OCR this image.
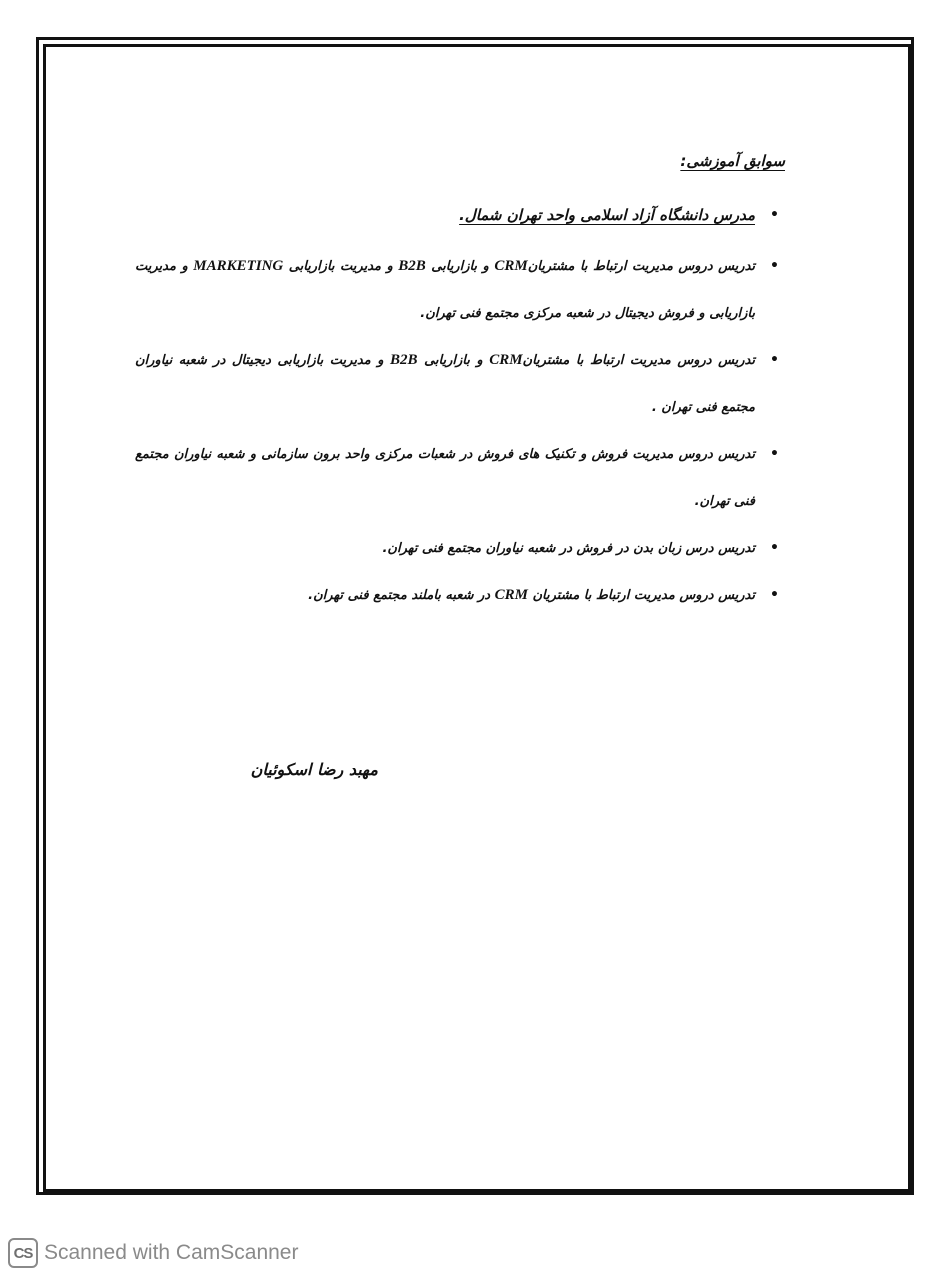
سوابق آموزشی:
•
مدرس دانشگاه آزاد اسلامی واحد تهران شمال.
•
تدریس دروس مدیریت ارتباط با مشتریانCRM و بازاریابی B2B و مدیریت بازاریابی MARKETING و مدیریت بازاریابی و فروش دیجیتال در شعبه مرکزی مجتمع فنی تهران.
•
تدریس دروس مدیریت ارتباط با مشتریانCRM و بازاریابی B2B و مدیریت بازاریابی دیجیتال در شعبه نیاوران مجتمع فنی تهران .
•
تدریس دروس مدیریت فروش و تکنیک های فروش در شعبات مرکزی واحد برون سازمانی و شعبه نیاوران مجتمع فنی تهران.
•
تدریس درس زبان بدن در فروش در شعبه نیاوران مجتمع فنی تهران.
•
تدریس دروس مدیریت ارتباط با مشتریان CRM در شعبه باملند مجتمع فنی تهران.
مهبد رضا اسکوئیان
CS Scanned with CamScanner
